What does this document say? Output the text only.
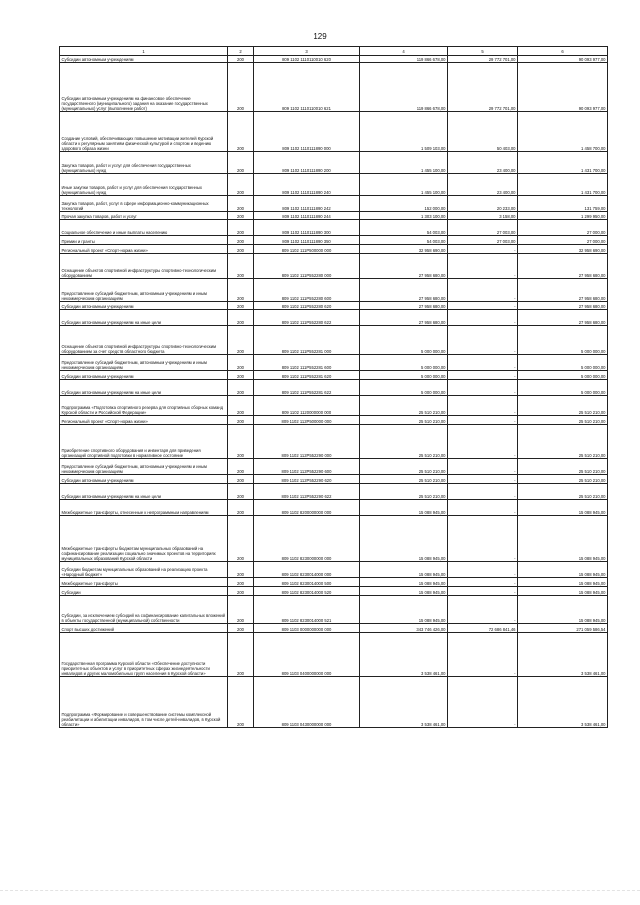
129
1	2	3	4	5	6
Субсидии автономным учреждениям	200	809 1102 1110110010 620	119 866 678,00	29 772 701,00	90 093 977,00
Субсидии автономным учреждениям на финансовое обеспечение государственного (муниципального) задания на оказание государственных (муниципальных) услуг (выполнение работ)	200	809 1102 1110110010 621	119 866 678,00	29 772 701,00	90 093 977,00
Создание условий, обеспечивающих повышение мотивации жителей Курской области к регулярным занятиям физической культурой и спортом и ведению здорового образа жизни	200	809 1102 1110111890 000	1 509 103,00	50 403,00	1 458 700,00
Закупка товаров, работ и услуг для обеспечения государственных (муниципальных) нужд	200	809 1102 1110111890 200	1 455 100,00	23 400,00	1 431 700,00
Иные закупки товаров, работ и услуг для обеспечения государственных (муниципальных) нужд	200	809 1102 1110111890 240	1 455 100,00	23 400,00	1 431 700,00
Закупка товаров, работ, услуг в сфере информационно-коммуникационных технологий	200	809 1102 1110111890 242	152 000,00	20 233,00	131 759,00
Прочая закупка товаров, работ и услуг	200	809 1102 1110111890 244	1 303 100,00	3 158,00	1 299 950,00
Социальное обеспечение и иные выплаты населению	200	809 1102 1110111890 300	54 003,00	27 003,00	27 000,00
Премии и гранты	200	809 1102 1110111890 350	54 003,00	27 003,00	27 000,00
Региональный проект «Спорт-норма жизни»	200	809 1102 111P500000 000	32 958 690,00	-	32 958 690,00
Оснащение объектов спортивной инфраструктуры спортивно-технологическим оборудованием	200	809 1102 111P552280 000	27 958 680,00	-	27 958 680,00
Предоставление субсидий бюджетным, автономным учреждениям и иным некоммерческим организациям	200	809 1102 111P552280 600	27 958 680,00	-	27 958 680,00
Субсидии автономным учреждениям	200	809 1102 111P552280 620	27 958 680,00	-	27 958 680,00
Субсидии автономным учреждениям на иные цели	200	809 1102 111P552280 622	27 958 680,00	-	27 958 680,00
Оснащение объектов спортивной инфраструктуры спортивно-технологическим оборудованием за счет средств областного бюджета	200	809 1102 111P552281 000	5 000 000,00	-	5 000 000,00
Предоставление субсидий бюджетным, автономным учреждениям и иным некоммерческим организациям	200	809 1102 111P552281 600	5 000 000,00	-	5 000 000,00
Субсидии автономным учреждениям	200	809 1102 111P552281 620	5 000 000,00	-	5 000 000,00
Субсидии автономным учреждениям на иные цели	200	809 1102 111P552281 622	5 000 000,00	-	5 000 000,00
Подпрограмма «Подготовка спортивного резерва для спортивных сборных команд Курской области и Российской Федерации»	200	809 1102 1120000000 000	25 510 210,00	-	25 510 210,00
Региональный проект «Спорт-норма жизни»	200	809 1102 112P500000 000	25 510 210,00	-	25 510 210,00
Приобретение спортивного оборудования и инвентаря для приведения организаций спортивной подготовки в нормативное состояние	200	809 1102 112P552290 000	25 510 210,00	-	25 510 210,00
Предоставление субсидий бюджетным, автономным учреждениям и иным некоммерческим организациям	200	809 1102 112P552290 600	25 510 210,00	-	25 510 210,00
Субсидии автономным учреждениям	200	809 1102 112P552290 620	25 510 210,00	-	25 510 210,00
Субсидии автономным учреждениям на иные цели	200	809 1102 112P552290 622	25 510 210,00	-	25 510 210,00
Межбюджетные трансферты, отнесенные к непрограммным направлениям	200	809 1102 8200000000 000	15 088 945,00	-	15 088 945,00
Межбюджетные трансферты бюджетам муниципальных образований на софинансирование реализации социально значимых проектов на территориях муниципальных образований Курской области	200	809 1102 8230000000 000	15 088 945,00	-	15 088 945,00
Субсидии бюджетам муниципальных образований на реализацию проекта «Народный бюджет»	200	809 1102 8230014000 000	15 088 945,00	-	15 088 945,00
Межбюджетные трансферты	200	809 1102 8230014000 500	15 088 945,00	-	15 088 945,00
Субсидии	200	809 1102 8230014000 520	15 088 945,00	-	15 088 945,00
Субсидии, за исключением субсидий на софинансирование капитальных вложений в объекты государственной (муниципальной) собственности	200	809 1102 8230014000 521	15 088 945,00	-	15 088 945,00
Спорт высших достижений	200	809 1103 0000000000 000	343 746 426,00	72 686 841,46	271 059 586,54
Государственная программа Курской области «Обеспечение доступности приоритетных объектов и услуг в приоритетных сферах жизнедеятельности инвалидов и других маломобильных групп населения в Курской области»	200	809 1103 0400000000 000	3 538 461,00	-	3 538 461,00
Подпрограмма «Формирование и совершенствование системы комплексной реабилитации и абилитации инвалидов, в том числе детей-инвалидов, в Курской области»	200	809 1103 0430000000 000	3 538 461,00	-	3 538 461,00
